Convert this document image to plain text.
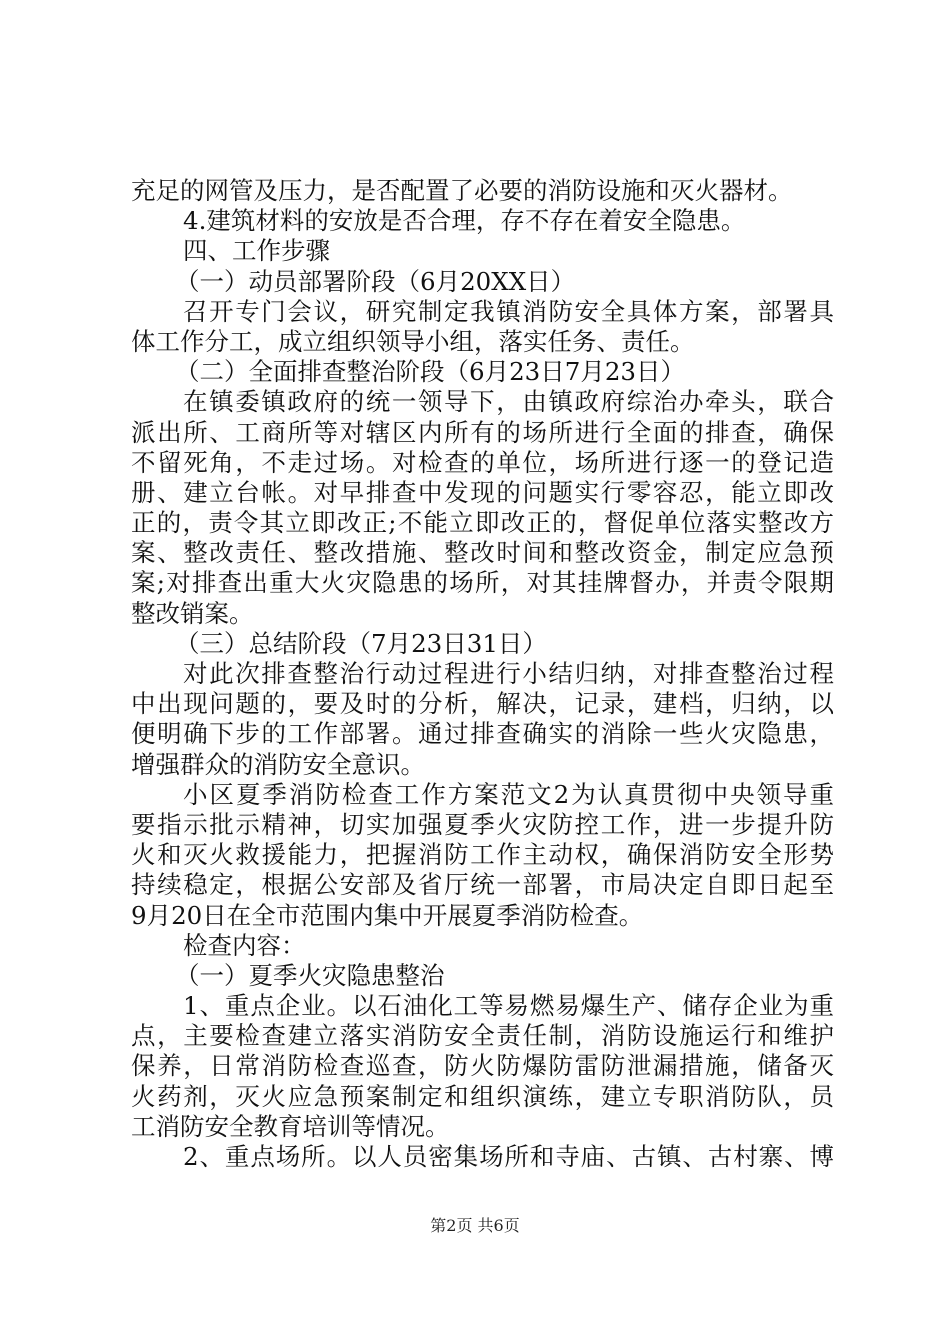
充足的网管及压力，是否配置了必要的消防设施和灭火器材。
4.建筑材料的安放是否合理，存不存在着安全隐患。
四、工作步骤
（一）动员部署阶段（6月20XX日）
召开专门会议，研究制定我镇消防安全具体方案，部署具
体工作分工，成立组织领导小组，落实任务、责任。
（二）全面排查整治阶段（6月23日7月23日）
在镇委镇政府的统一领导下，由镇政府综治办牵头，联合
派出所、工商所等对辖区内所有的场所进行全面的排查，确保
不留死角，不走过场。对检查的单位，场所进行逐一的登记造
册、建立台帐。对早排查中发现的问题实行零容忍，能立即改
正的，责令其立即改正;不能立即改正的，督促单位落实整改方
案、整改责任、整改措施、整改时间和整改资金，制定应急预
案;对排查出重大火灾隐患的场所，对其挂牌督办，并责令限期
整改销案。
（三）总结阶段（7月23日31日）
对此次排查整治行动过程进行小结归纳，对排查整治过程
中出现问题的，要及时的分析，解决，记录，建档，归纳，以
便明确下步的工作部署。通过排查确实的消除一些火灾隐患，
增强群众的消防安全意识。
小区夏季消防检查工作方案范文2为认真贯彻中央领导重
要指示批示精神，切实加强夏季火灾防控工作，进一步提升防
火和灭火救援能力，把握消防工作主动权，确保消防安全形势
持续稳定，根据公安部及省厅统一部署，市局决定自即日起至
9月20日在全市范围内集中开展夏季消防检查。
检查内容：
（一）夏季火灾隐患整治
1、重点企业。以石油化工等易燃易爆生产、储存企业为重
点，主要检查建立落实消防安全责任制，消防设施运行和维护
保养，日常消防检查巡查，防火防爆防雷防泄漏措施，储备灭
火药剂，灭火应急预案制定和组织演练，建立专职消防队，员
工消防安全教育培训等情况。
2、重点场所。以人员密集场所和寺庙、古镇、古村寨、博
第2页 共6页
